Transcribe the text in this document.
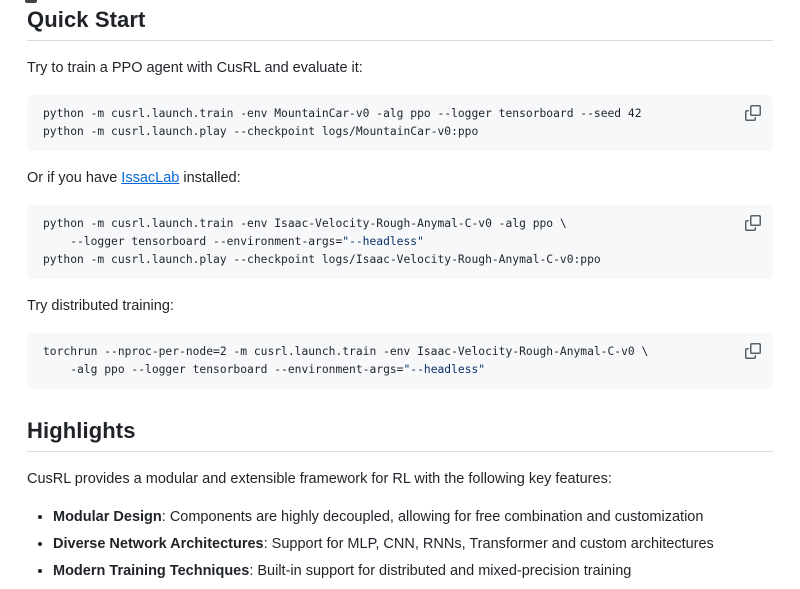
Quick Start

Try to train a PPO agent with CusRL and evaluate it:

python -m cusrl.launch.train -env MountainCar-v0 -alg ppo --logger tensorboard --seed 42
python -m cusrl.launch.play --checkpoint logs/MountainCar-v0:ppo

Or if you have IssacLab installed:

python -m cusrl.launch.train -env Isaac-Velocity-Rough-Anymal-C-v0 -alg ppo \
--logger tensorboard --environment-args="--headless"
python -m cusrl.launch.play --checkpoint logs/Isaac-Velocity-Rough-Anymal-C-v0:ppo

Try distributed training:

torchrun --nproc-per-node=2 -m cusrl.launch.train -env Isaac-Velocity-Rough-Anymal-C-v0 \
-alg ppo --logger tensorboard --environment-args="--headless"
Highlights

CusRL provides a modular and extensible framework for RL with the following key features:

• Modular Design: Components are highly decoupled, allowing for free combination and customization
• Diverse Network Architectures: Support for MLP, CNN, RNNs, Transformer and custom architectures
• Modern Training Techniques: Built-in support for distributed and mixed-precision training
